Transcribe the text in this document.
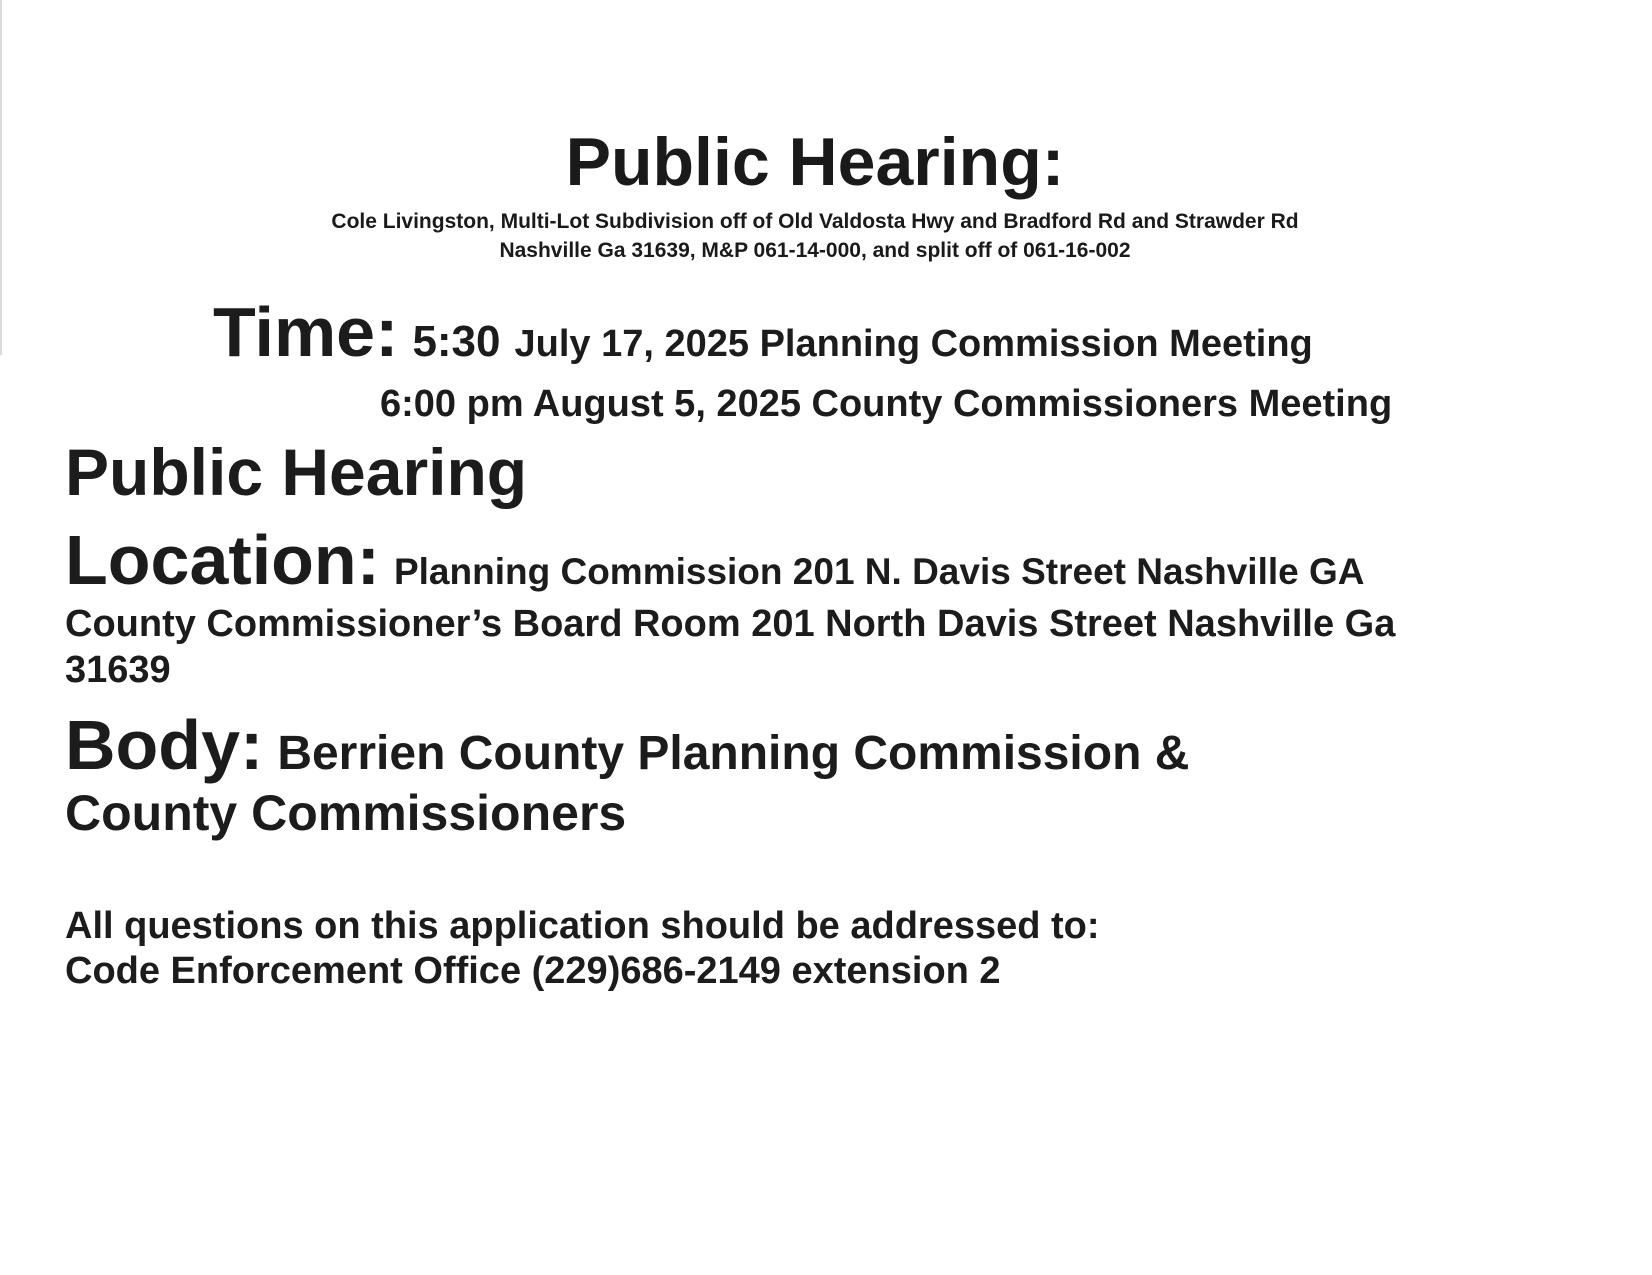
Public Hearing:

Cole Livingston, Multi-Lot Subdivision off of Old Valdosta Hwy and Bradford Rd and Strawder Rd

Nashville Ga 31639, M&P 061-14-000, and split off of 061-16-002

Time: 5:30 July 17, 2025 Planning Commission Meeting

6:00 pm August 5, 2025 County Commissioners Meeting

Public Hearing

Location: Planning Commission 201 N. Davis Street Nashville GA

County Commissioner’s Board Room 201 North Davis Street Nashville Ga

31639

Body: Berrien County Planning Commission &

County Commissioners

All questions on this application should be addressed to:

Code Enforcement Office (229)686-2149 extension 2
